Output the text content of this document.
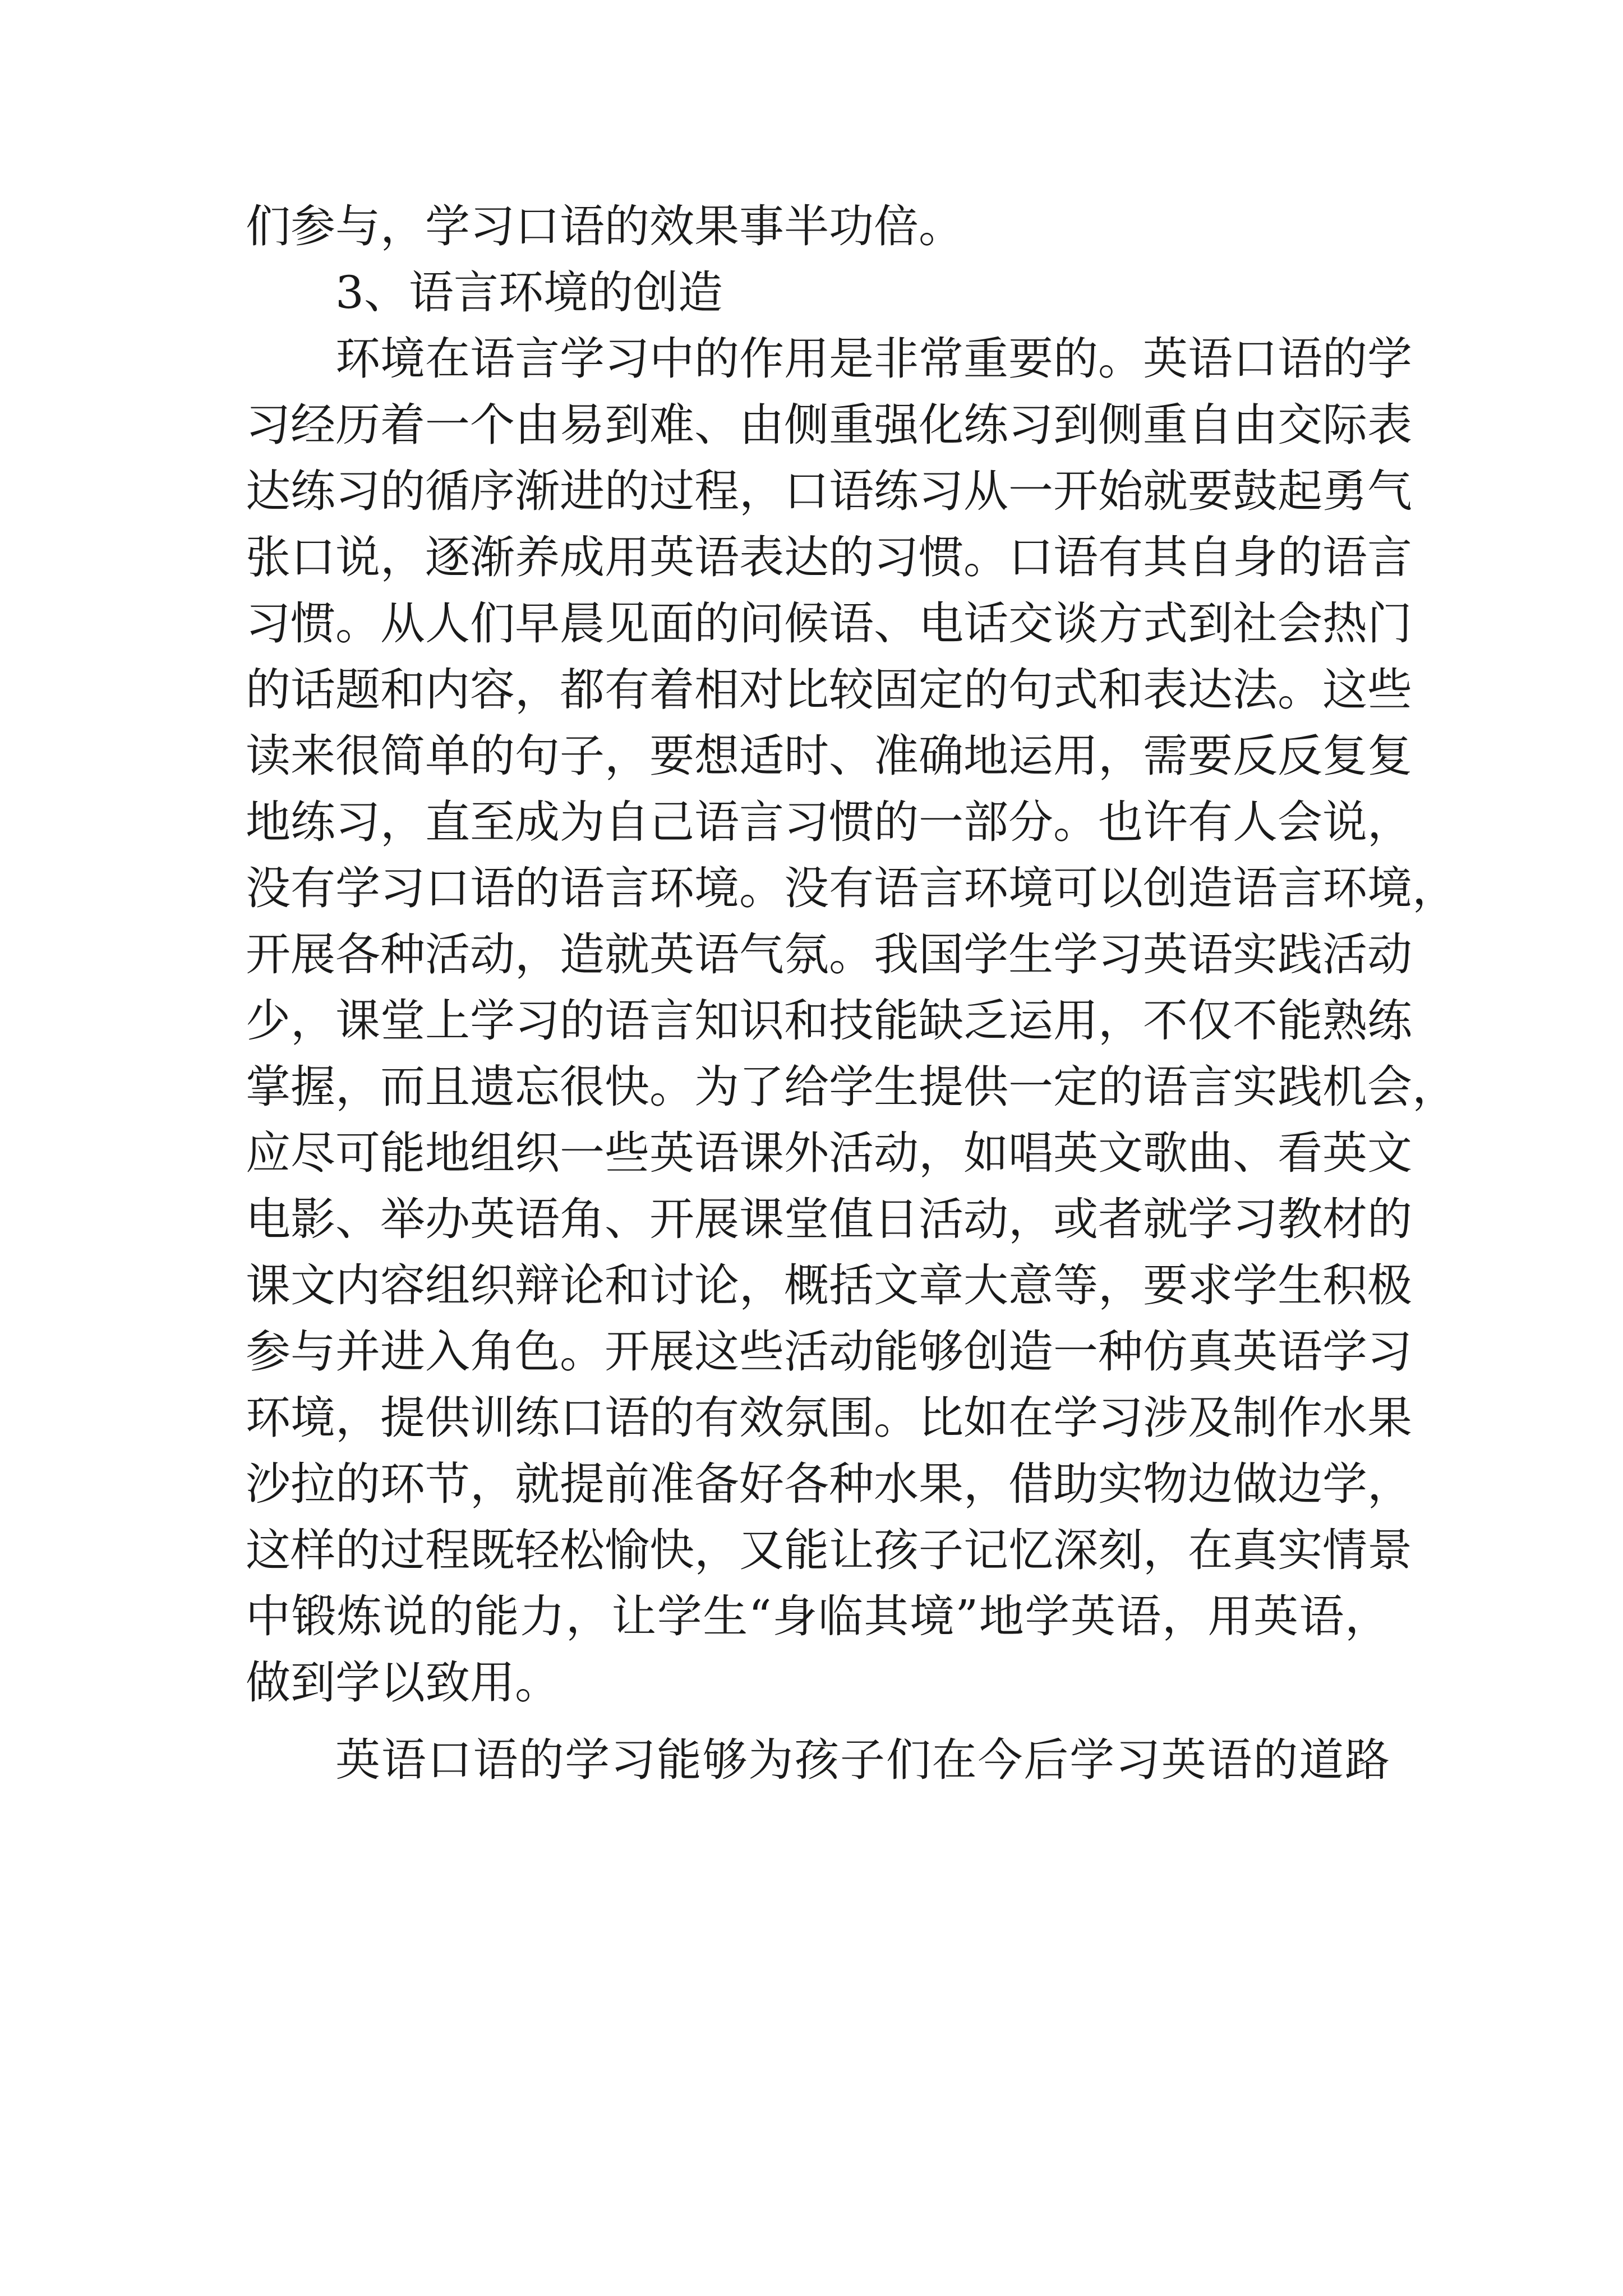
们参与，学习口语的效果事半功倍。
3、语言环境的创造
环境在语言学习中的作用是非常重要的。英语口语的学
习经历着一个由易到难、由侧重强化练习到侧重自由交际表
达练习的循序渐进的过程，口语练习从一开始就要鼓起勇气
张口说，逐渐养成用英语表达的习惯。口语有其自身的语言
习惯。从人们早晨见面的问候语、电话交谈方式到社会热门
的话题和内容，都有着相对比较固定的句式和表达法。这些
读来很简单的句子，要想适时、准确地运用，需要反反复复
地练习，直至成为自己语言习惯的一部分。也许有人会说，
没有学习口语的语言环境。没有语言环境可以创造语言环境，
开展各种活动，造就英语气氛。我国学生学习英语实践活动
少，课堂上学习的语言知识和技能缺乏运用，不仅不能熟练
掌握，而且遗忘很快。为了给学生提供一定的语言实践机会，
应尽可能地组织一些英语课外活动，如唱英文歌曲、看英文
电影、举办英语角、开展课堂值日活动，或者就学习教材的
课文内容组织辩论和讨论，概括文章大意等，要求学生积极
参与并进入角色。开展这些活动能够创造一种仿真英语学习
环境，提供训练口语的有效氛围。比如在学习涉及制作水果
沙拉的环节，就提前准备好各种水果，借助实物边做边学，
这样的过程既轻松愉快，又能让孩子记忆深刻，在真实情景
中锻炼说的能力，让学生“身临其境”地学英语，用英语，
做到学以致用。
英语口语的学习能够为孩子们在今后学习英语的道路
